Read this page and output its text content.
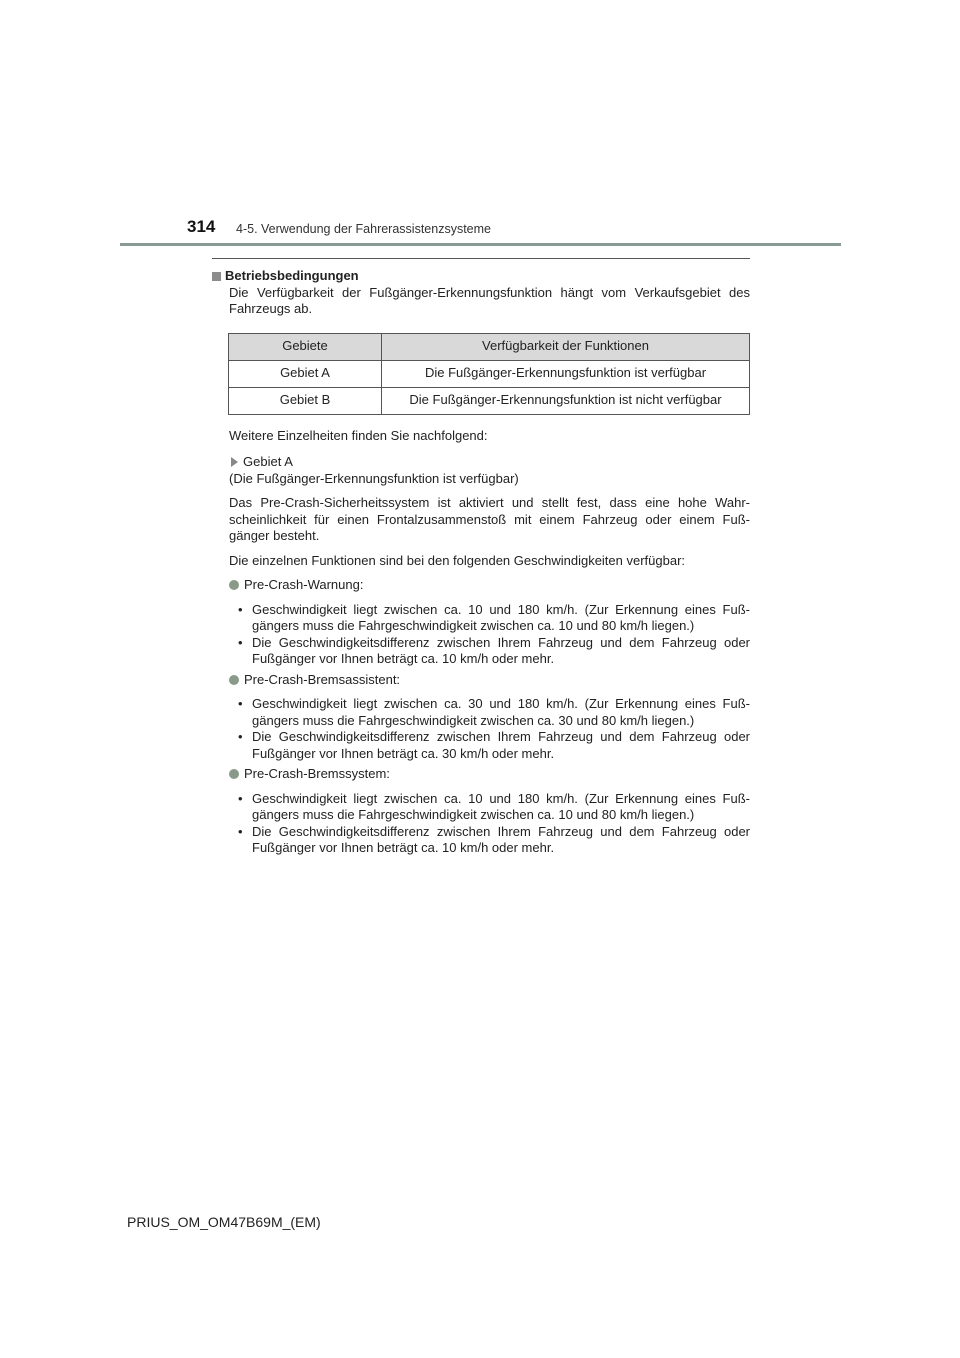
314 4-5. Verwendung der Fahrerassistenzsysteme
Betriebsbedingungen

Die Verfügbarkeit der Fußgänger-Erkennungsfunktion hängt vom Verkaufsgebiet des Fahrzeugs ab.

Gebiete	Verfügbarkeit der Funktionen
Gebiet A	Die Fußgänger-Erkennungsfunktion ist verfügbar
Gebiet B	Die Fußgänger-Erkennungsfunktion ist nicht verfügbar

Weitere Einzelheiten finden Sie nachfolgend:

Gebiet A
(Die Fußgänger-Erkennungsfunktion ist verfügbar)

Das Pre-Crash-Sicherheitssystem ist aktiviert und stellt fest, dass eine hohe Wahr-scheinlichkeit für einen Frontalzusammenstoß mit einem Fahrzeug oder einem Fuß-gänger besteht.

Die einzelnen Funktionen sind bei den folgenden Geschwindigkeiten verfügbar:

Pre-Crash-Warnung:
• Geschwindigkeit liegt zwischen ca. 10 und 180 km/h. (Zur Erkennung eines Fuß-gängers muss die Fahrgeschwindigkeit zwischen ca. 10 und 80 km/h liegen.)
• Die Geschwindigkeitsdifferenz zwischen Ihrem Fahrzeug und dem Fahrzeug oder Fußgänger vor Ihnen beträgt ca. 10 km/h oder mehr.
Pre-Crash-Bremsassistent:
• Geschwindigkeit liegt zwischen ca. 30 und 180 km/h. (Zur Erkennung eines Fuß-gängers muss die Fahrgeschwindigkeit zwischen ca. 30 und 80 km/h liegen.)
• Die Geschwindigkeitsdifferenz zwischen Ihrem Fahrzeug und dem Fahrzeug oder Fußgänger vor Ihnen beträgt ca. 30 km/h oder mehr.
Pre-Crash-Bremssystem:
• Geschwindigkeit liegt zwischen ca. 10 und 180 km/h. (Zur Erkennung eines Fuß-gängers muss die Fahrgeschwindigkeit zwischen ca. 10 und 80 km/h liegen.)
• Die Geschwindigkeitsdifferenz zwischen Ihrem Fahrzeug und dem Fahrzeug oder Fußgänger vor Ihnen beträgt ca. 10 km/h oder mehr.
PRIUS_OM_OM47B69M_(EM)
